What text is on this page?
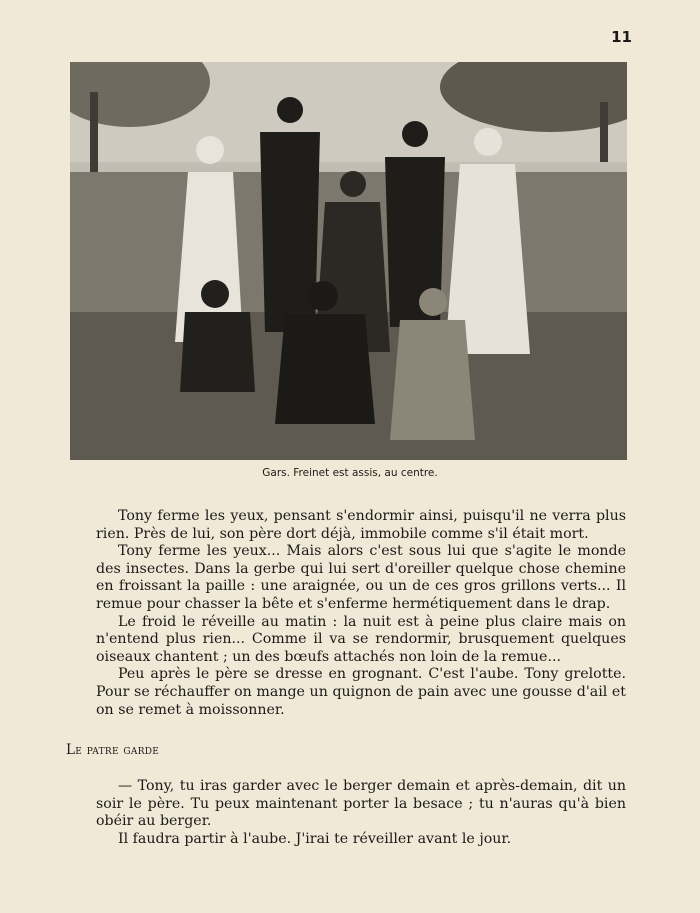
11
Gars. Freinet est assis, au centre.

Tony ferme les yeux, pensant s'endormir ainsi, puisqu'il ne verra plus rien. Près de lui, son père dort déjà, immobile comme s'il était mort.

Tony ferme les yeux... Mais alors c'est sous lui que s'agite le monde des insectes. Dans la gerbe qui lui sert d'oreiller quelque chose chemine en froissant la paille : une araignée, ou un de ces gros grillons verts... Il remue pour chasser la bête et s'enferme hermétiquement dans le drap.

Le froid le réveille au matin : la nuit est à peine plus claire mais on n'entend plus rien... Comme il va se rendormir, brusquement quelques oiseaux chantent ; un des bœufs attachés non loin de la remue...

Peu après le père se dresse en grognant. C'est l'aube. Tony grelotte. Pour se réchauffer on mange un quignon de pain avec une gousse d'ail et on se remet à moissonner.

Le patre garde

— Tony, tu iras garder avec le berger demain et après-demain, dit un soir le père. Tu peux maintenant porter la besace ; tu n'auras qu'à bien obéir au berger.

Il faudra partir à l'aube. J'irai te réveiller avant le jour.
